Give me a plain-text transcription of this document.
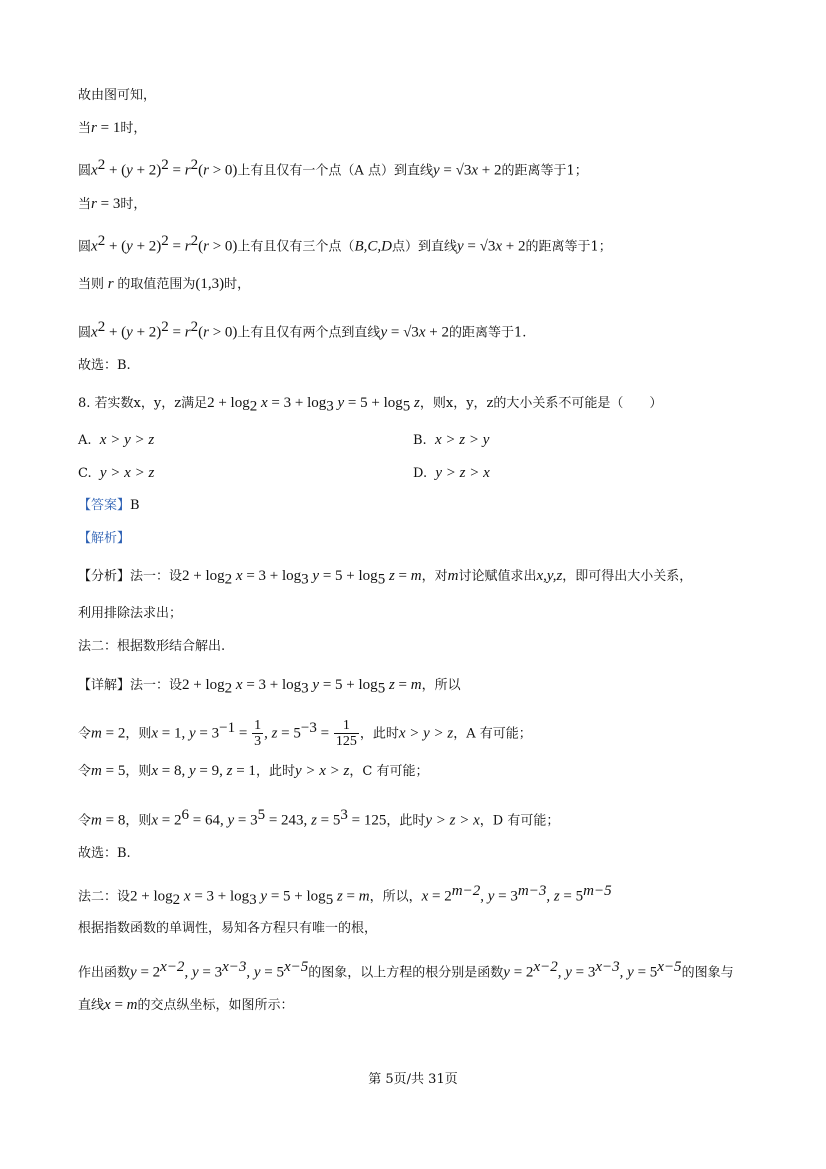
故由图可知，
当r = 1时，
圆$x^2 + (y + 2)^2 = r^2(r > 0)$上有且仅有一个点（A 点）到直线y = √3x + 2的距离等于1；
当r = 3时，
圆$x^2 + (y + 2)^2 = r^2(r > 0)$上有且仅有三个点（B,C,D点）到直线y = √3x + 2的距离等于1；
当则 r 的取值范围为(1,3)时，
圆$x^2 + (y + 2)^2 = r^2(r > 0)$上有且仅有两个点到直线y = √3x + 2的距离等于1.
故选：B.
8. 若实数x，y，z满足$2 + \log_2 x = 3 + \log_3 y = 5 + \log_5 z$，则x，y，z的大小关系不可能是（　　）
A. x > y > z	B. x > z > y
C. y > x > z	D. y > z > x
【答案】B
【解析】
【分析】法一：设$2 + \log_2 x = 3 + \log_3 y = 5 + \log_5 z = m$，对m讨论赋值求出x,y,z，即可得出大小关系，
利用排除法求出；
法二：根据数形结合解出.
【详解】法一：设$2 + \log_2 x = 3 + \log_3 y = 5 + \log_5 z = m$，所以
令m = 2，则x = 1, $y = 3^{-1} = \frac{1}{3}$ , $z = 5^{-3} = \frac{1}{125}$ ，此时x > y > z，A 有可能；
令m = 5，则x = 8, y = 9, z = 1，此时y > x > z，C 有可能；
令m = 8，则$x = 2^6 = 64$, $y = 3^5 = 243$, $z = 5^3 = 125$，此时y > z > x，D 有可能；
故选：B.
法二：设$2 + \log_2 x = 3 + \log_3 y = 5 + \log_5 z = m$，所以，$x = 2^{m-2}$, $y = 3^{m-3}$, $z = 5^{m-5}$
根据指数函数的单调性，易知各方程只有唯一的根，
作出函数$y = 2^{x-2}$, $y = 3^{x-3}$, $y = 5^{x-5}$的图象，以上方程的根分别是函数$y = 2^{x-2}$, $y = 3^{x-3}$, $y = 5^{x-5}$的图象与
直线x = m的交点纵坐标，如图所示：
第 5页/共 31页
